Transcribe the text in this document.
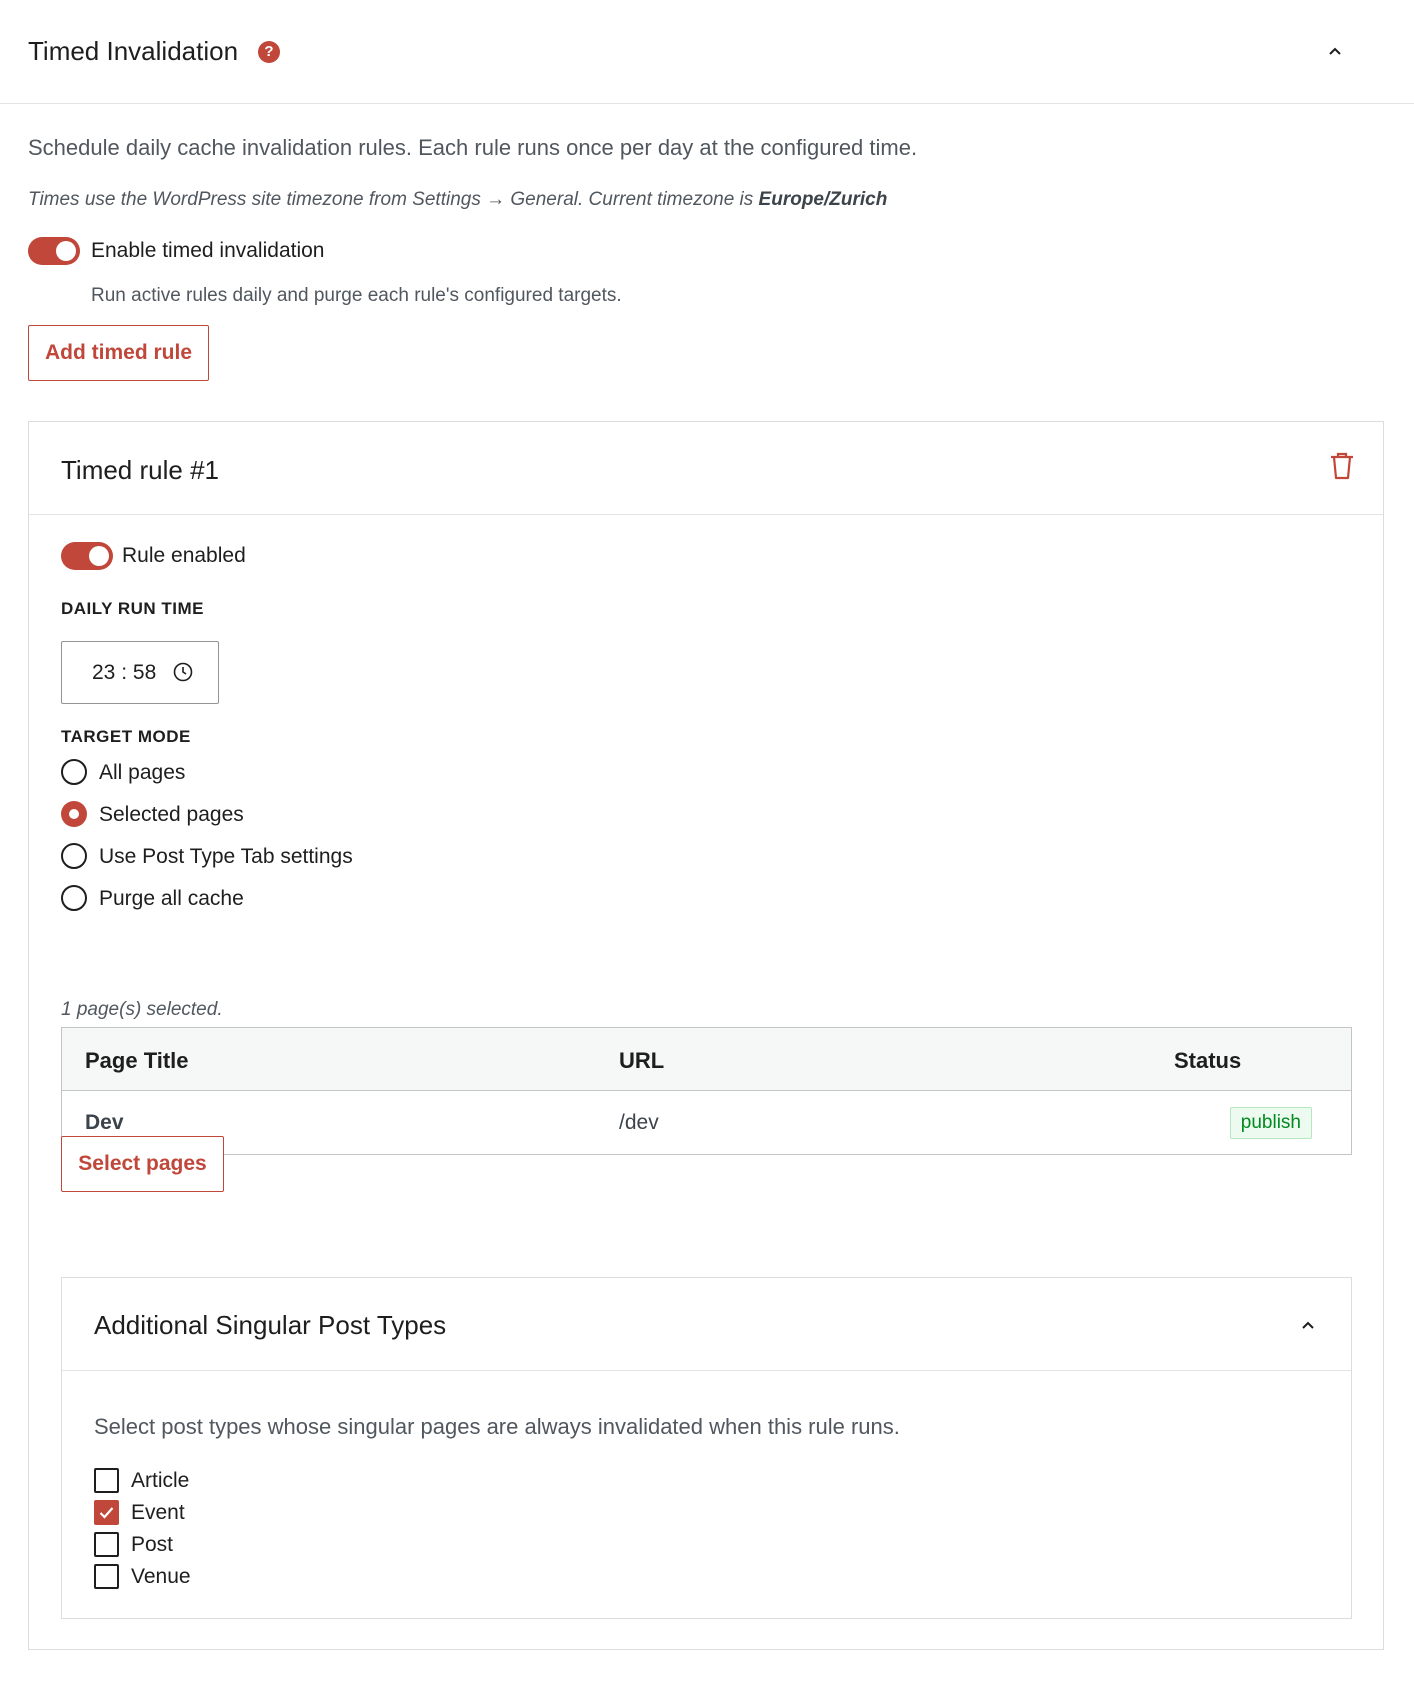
Timed Invalidation	?
Schedule daily cache invalidation rules. Each rule runs once per day at the configured time.
Times use the WordPress site timezone from Settings → General. Current timezone is Europe/Zurich
Enable timed invalidation
Run active rules daily and purge each rule's configured targets.
Add timed rule
Timed rule #1
Rule enabled
DAILY RUN TIME
23 : 58
TARGET MODE
All pages
Selected pages
Use Post Type Tab settings
Purge all cache
1 page(s) selected.
Page Title	URL	Status
Dev	/dev	publish
Select pages
Additional Singular Post Types
Select post types whose singular pages are always invalidated when this rule runs.
Article
Event
Post
Venue
